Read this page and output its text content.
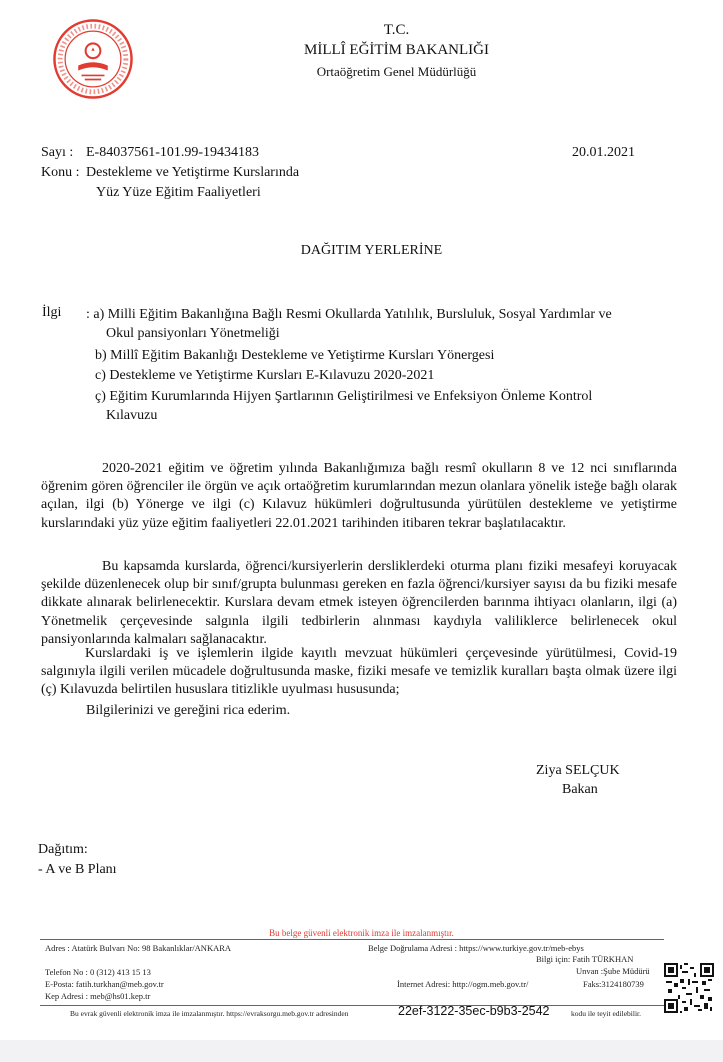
T.C.
MİLLÎ EĞİTİM BAKANLIĞI
Ortaöğretim Genel Müdürlüğü
Sayı : E-84037561-101.99-19434183	20.01.2021
Konu : Destekleme ve Yetiştirme Kurslarında
Yüz Yüze Eğitim Faaliyetleri
DAĞITIM YERLERİNE
İlgi : a) Milli Eğitim Bakanlığına Bağlı Resmi Okullarda Yatılılık, Bursluluk, Sosyal Yardımlar ve
Okul pansiyonları Yönetmeliği
b) Millî Eğitim Bakanlığı Destekleme ve Yetiştirme Kursları Yönergesi
c) Destekleme ve Yetiştirme Kursları E-Kılavuzu 2020-2021
ç) Eğitim Kurumlarında Hijyen Şartlarının Geliştirilmesi ve Enfeksiyon Önleme Kontrol
Kılavuzu
2020-2021 eğitim ve öğretim yılında Bakanlığımıza bağlı resmî okulların 8 ve 12 nci sınıflarında öğrenim gören öğrenciler ile örgün ve açık ortaöğretim kurumlarından mezun olanlara yönelik isteğe bağlı olarak açılan, ilgi (b) Yönerge ve ilgi (c) Kılavuz hükümleri doğrultusunda yürütülen destekleme ve yetiştirme kurslarındaki yüz yüze eğitim faaliyetleri 22.01.2021 tarihinden itibaren tekrar başlatılacaktır.
Bu kapsamda kurslarda, öğrenci/kursiyerlerin dersliklerdeki oturma planı fiziki mesafeyi koruyacak şekilde düzenlenecek olup bir sınıf/grupta bulunması gereken en fazla öğrenci/kursiyer sayısı da bu fiziki mesafe dikkate alınarak belirlenecektir. Kurslara devam etmek isteyen öğrencilerden barınma ihtiyacı olanların, ilgi (a) Yönetmelik çerçevesinde salgınla ilgili tedbirlerin alınması kaydıyla valiliklerce belirlenecek okul pansiyonlarında kalmaları sağlanacaktır.
Kurslardaki iş ve işlemlerin ilgide kayıtlı mevzuat hükümleri çerçevesinde yürütülmesi, Covid-19 salgınıyla ilgili verilen mücadele doğrultusunda maske, fiziki mesafe ve temizlik kuralları başta olmak üzere ilgi (ç) Kılavuzda belirtilen hususlara titizlikle uyulması hususunda;
Bilgilerinizi ve gereğini rica ederim.
Ziya SELÇUK
Bakan
Dağıtım:
- A ve B Planı
Bu belge güvenli elektronik imza ile imzalanmıştır.
Adres : Atatürk Bulvarı No: 98 Bakanlıklar/ANKARA	Belge Doğrulama Adresi : https://www.turkiye.gov.tr/meb-ebys
Bilgi için: Fatih TÜRKHAN
Telefon No : 0 (312) 413 15 13	Unvan :Şube Müdürü
E-Posta: fatih.turkhan@meb.gov.tr	İnternet Adresi: http://ogm.meb.gov.tr/	Faks:3124180739
Kep Adresi : meb@hs01.kep.tr
Bu evrak güvenli elektronik imza ile imzalanmıştır. https://evraksorgu.meb.gov.tr adresinden	22ef-3122-35ec-b9b3-2542	kodu ile teyit edilebilir.
